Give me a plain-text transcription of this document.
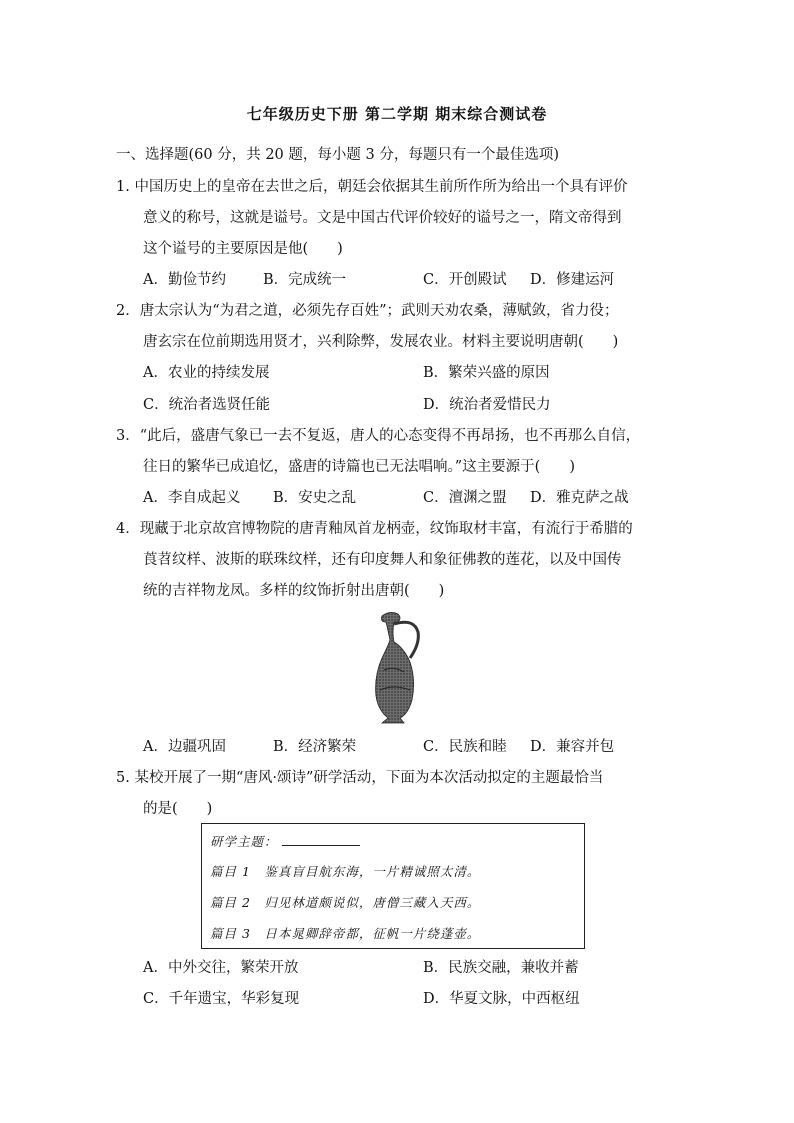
七年级历史下册 第二学期 期末综合测试卷
一、选择题(60 分，共 20 题，每小题 3 分，每题只有一个最佳选项)
1. 中国历史上的皇帝在去世之后，朝廷会依据其生前所作所为给出一个具有评价
意义的称号，这就是谥号。文是中国古代评价较好的谥号之一，隋文帝得到
这个谥号的主要原因是他(　　)
A．勤俭节约	B．完成统一	C．开创殿试 D．修建运河
2．唐太宗认为“为君之道，必须先存百姓”；武则天劝农桑，薄赋敛，省力役；
唐玄宗在位前期选用贤才，兴利除弊，发展农业。材料主要说明唐朝(　　)
A．农业的持续发展	B．繁荣兴盛的原因
C．统治者选贤任能	D．统治者爱惜民力
3．“此后，盛唐气象已一去不复返，唐人的心态变得不再昂扬，也不再那么自信，
往日的繁华已成追忆，盛唐的诗篇也已无法唱响。”这主要源于(　　)
A．李自成起义 B．安史之乱	C．澶渊之盟 D．雅克萨之战
4．现藏于北京故宫博物院的唐青釉凤首龙柄壶，纹饰取材丰富，有流行于希腊的
莨苕纹样、波斯的联珠纹样，还有印度舞人和象征佛教的莲花，以及中国传
统的吉祥物龙凤。多样的纹饰折射出唐朝(　　)
A．边疆巩固	B．经济繁荣	C．民族和睦 D．兼容并包
5. 某校开展了一期“唐风·颂诗”研学活动，下面为本次活动拟定的主题最恰当
的是(　　)
研学主题：
篇目 1　鉴真盲目航东海，一片精诚照太清。
篇目 2　归见林道颇说似，唐僧三藏入天西。
篇目 3　日本晁卿辞帝都，征帆一片绕蓬壶。
A．中外交往，繁荣开放	B．民族交融，兼收并蓄
C．千年遗宝，华彩复现	D．华夏文脉，中西枢纽
